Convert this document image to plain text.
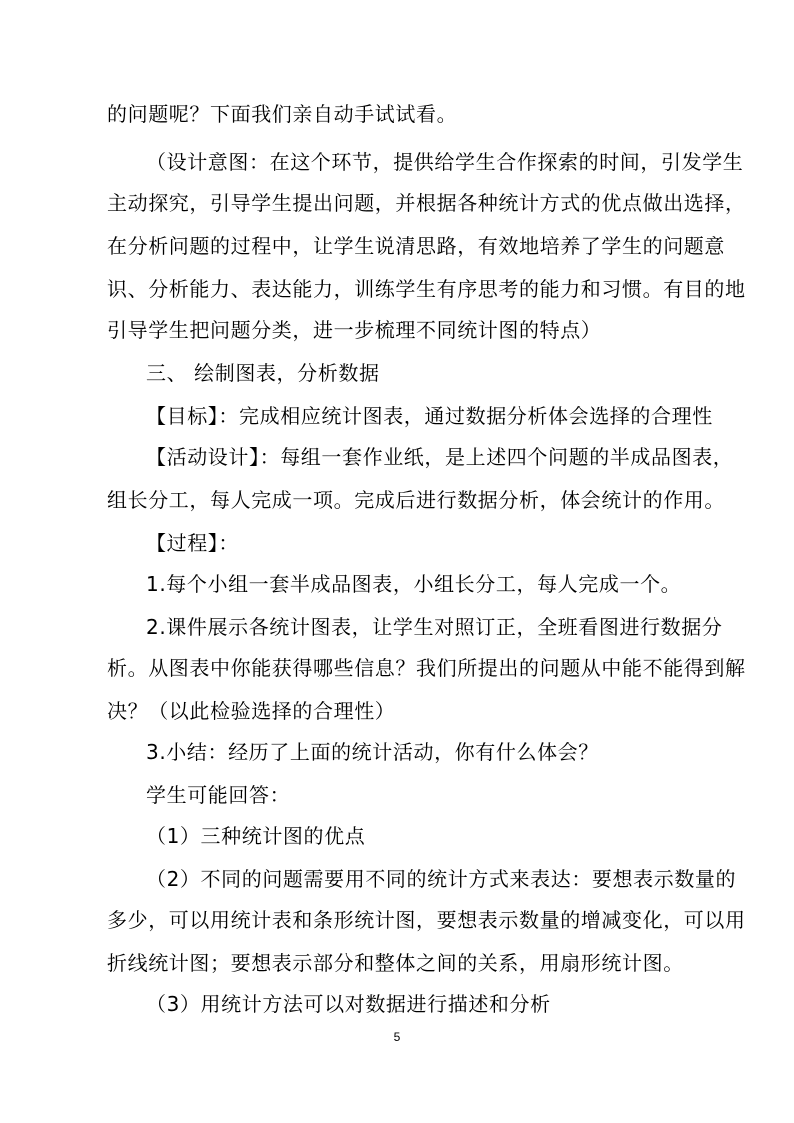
的问题呢？下面我们亲自动手试试看。
（设计意图：在这个环节，提供给学生合作探索的时间，引发学生
主动探究，引导学生提出问题，并根据各种统计方式的优点做出选择，
在分析问题的过程中，让学生说清思路，有效地培养了学生的问题意
识、分析能力、表达能力，训练学生有序思考的能力和习惯。有目的地
引导学生把问题分类，进一步梳理不同统计图的特点）
三、 绘制图表，分析数据
【目标】：完成相应统计图表，通过数据分析体会选择的合理性
【活动设计】：每组一套作业纸，是上述四个问题的半成品图表，
组长分工，每人完成一项。完成后进行数据分析，体会统计的作用。
【过程】：
1.每个小组一套半成品图表，小组长分工，每人完成一个。
2.课件展示各统计图表，让学生对照订正，全班看图进行数据分
析。从图表中你能获得哪些信息？我们所提出的问题从中能不能得到解
决？（以此检验选择的合理性）
3.小结：经历了上面的统计活动，你有什么体会？
学生可能回答：
（1）三种统计图的优点
（2）不同的问题需要用不同的统计方式来表达：要想表示数量的
多少，可以用统计表和条形统计图，要想表示数量的增减变化，可以用
折线统计图；要想表示部分和整体之间的关系，用扇形统计图。
（3）用统计方法可以对数据进行描述和分析
5
